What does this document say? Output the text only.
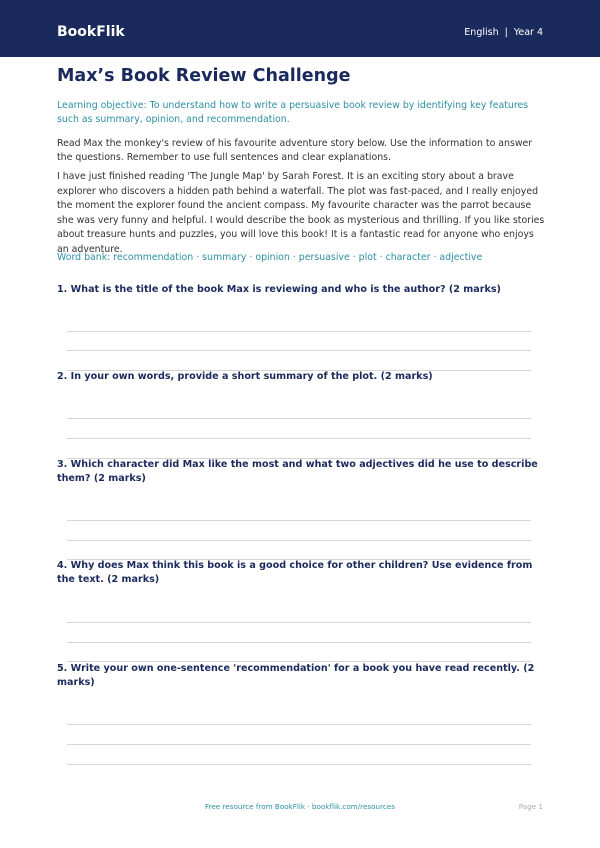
BookFlik	English | Year 4
Max’s Book Review Challenge

Learning objective: To understand how to write a persuasive book review by identifying key features such as summary, opinion, and recommendation.

Read Max the monkey's review of his favourite adventure story below. Use the information to answer the questions. Remember to use full sentences and clear explanations.

I have just finished reading 'The Jungle Map' by Sarah Forest. It is an exciting story about a brave explorer who discovers a hidden path behind a waterfall. The plot was fast-paced, and I really enjoyed the moment the explorer found the ancient compass. My favourite character was the parrot because she was very funny and helpful. I would describe the book as mysterious and thrilling. If you like stories about treasure hunts and puzzles, you will love this book! It is a fantastic read for anyone who enjoys an adventure.

Word bank: recommendation · summary · opinion · persuasive · plot · character · adjective

1. What is the title of the book Max is reviewing and who is the author? (2 marks)

2. In your own words, provide a short summary of the plot. (2 marks)

3. Which character did Max like the most and what two adjectives did he use to describe them? (2 marks)

4. Why does Max think this book is a good choice for other children? Use evidence from the text. (2 marks)

5. Write your own one-sentence 'recommendation' for a book you have read recently. (2 marks)

Free resource from BookFlik · bookflik.com/resources	Page 1
